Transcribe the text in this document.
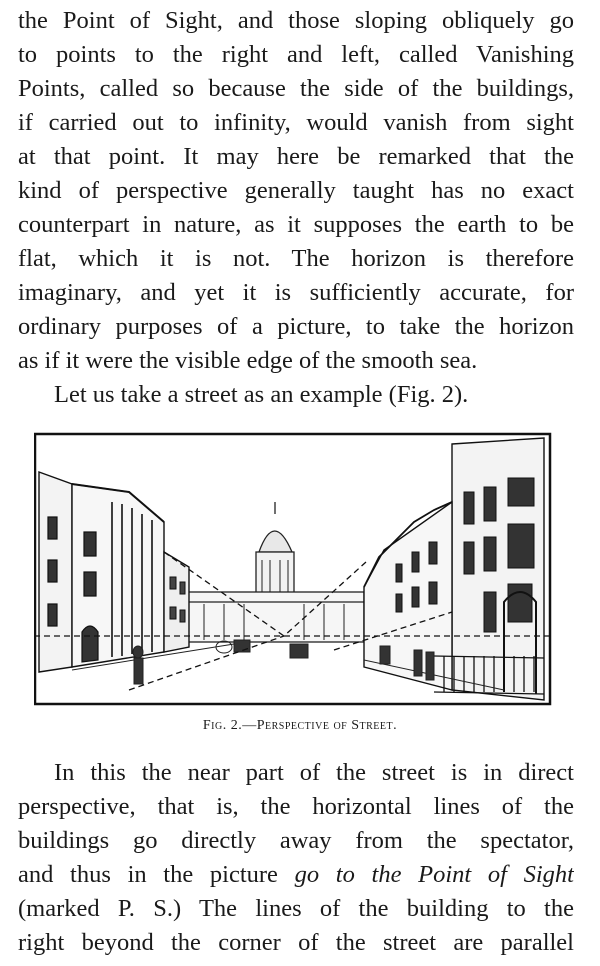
the Point of Sight, and those sloping obliquely go
to points to the right and left, called Vanishing
Points, called so because the side of the buildings,
if carried out to infinity, would vanish from sight
at that point. It may here be remarked that the
kind of perspective generally taught has no exact
counterpart in nature, as it supposes the earth to be
flat, which it is not. The horizon is therefore
imaginary, and yet it is sufficiently accurate, for
ordinary purposes of a picture, to take the horizon
as if it were the visible edge of the smooth sea.
Let us take a street as an example (Fig. 2).
Fig. 2.—Perspective of Street.
In this the near part of the street is in direct
perspective, that is, the horizontal lines of the
buildings go directly away from the spectator,
and thus in the picture go to the Point of Sight
(marked P. S.) The lines of the building to the
right beyond the corner of the street are parallel
